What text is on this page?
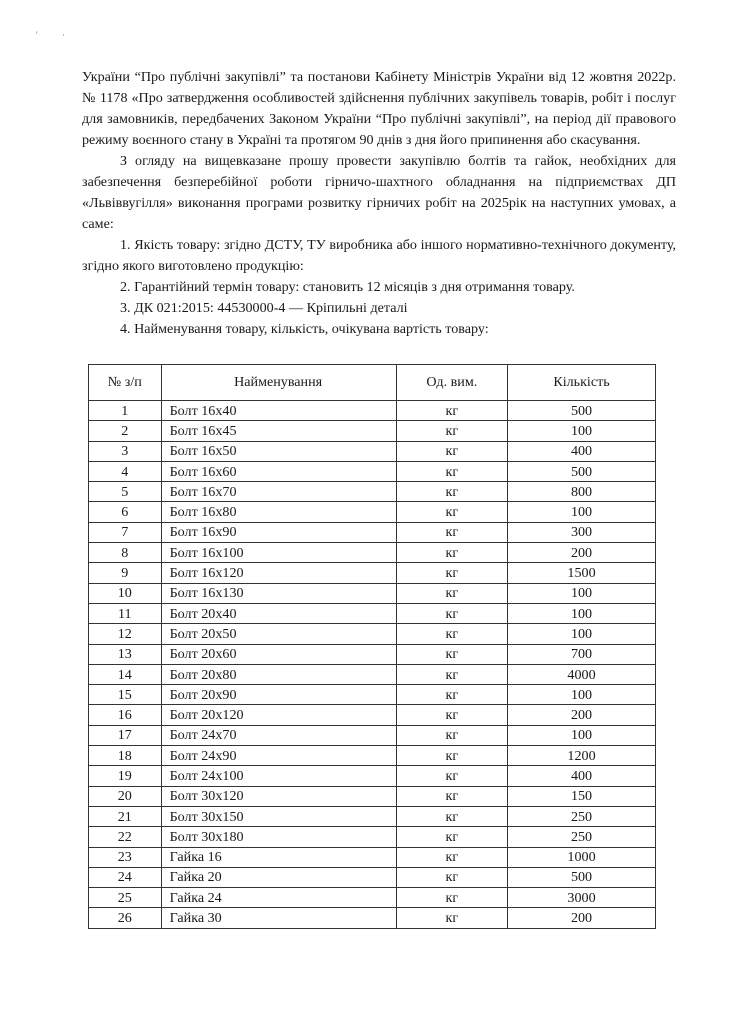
'	·

України “Про публічні закупівлі” та постанови Кабінету Міністрів України від 12 жовтня 2022р. № 1178 «Про затвердження особливостей здійснення публічних закупівель товарів, робіт і послуг для замовників, передбачених Законом України “Про публічні закупівлі”, на період дії правового режиму воєнного стану в Україні та протягом 90 днів з дня його припинення або скасування.

З огляду на вищевказане прошу провести закупівлю болтів та гайок, необхідних для забезпечення безперебійної роботи гірничо-шахтного обладнання на підприємствах ДП «Львіввугілля» виконання програми розвитку гірничих робіт на 2025рік на наступних умовах, а саме:

1. Якість товару: згідно ДСТУ, ТУ виробника або іншого нормативно-технічного документу, згідно якого виготовлено продукцію:

2. Гарантійний термін товару: становить 12 місяців з дня отримання товару.

3. ДК 021:2015: 44530000-4 — Кріпильні деталі

4. Найменування товару, кількість, очікувана вартість товару:

№ з/п	Найменування	Од. вим.	Кількість
1	Болт 16x40	кг	500
2	Болт 16x45	кг	100
3	Болт 16x50	кг	400
4	Болт 16x60	кг	500
5	Болт 16x70	кг	800
6	Болт 16x80	кг	100
7	Болт 16x90	кг	300
8	Болт 16x100	кг	200
9	Болт 16x120	кг	1500
10	Болт 16x130	кг	100
11	Болт 20x40	кг	100
12	Болт 20x50	кг	100
13	Болт 20x60	кг	700
14	Болт 20x80	кг	4000
15	Болт 20x90	кг	100
16	Болт 20x120	кг	200
17	Болт 24x70	кг	100
18	Болт 24x90	кг	1200
19	Болт 24x100	кг	400
20	Болт 30x120	кг	150
21	Болт 30x150	кг	250
22	Болт 30x180	кг	250
23	Гайка 16	кг	1000
24	Гайка 20	кг	500
25	Гайка 24	кг	3000
26	Гайка 30	кг	200
